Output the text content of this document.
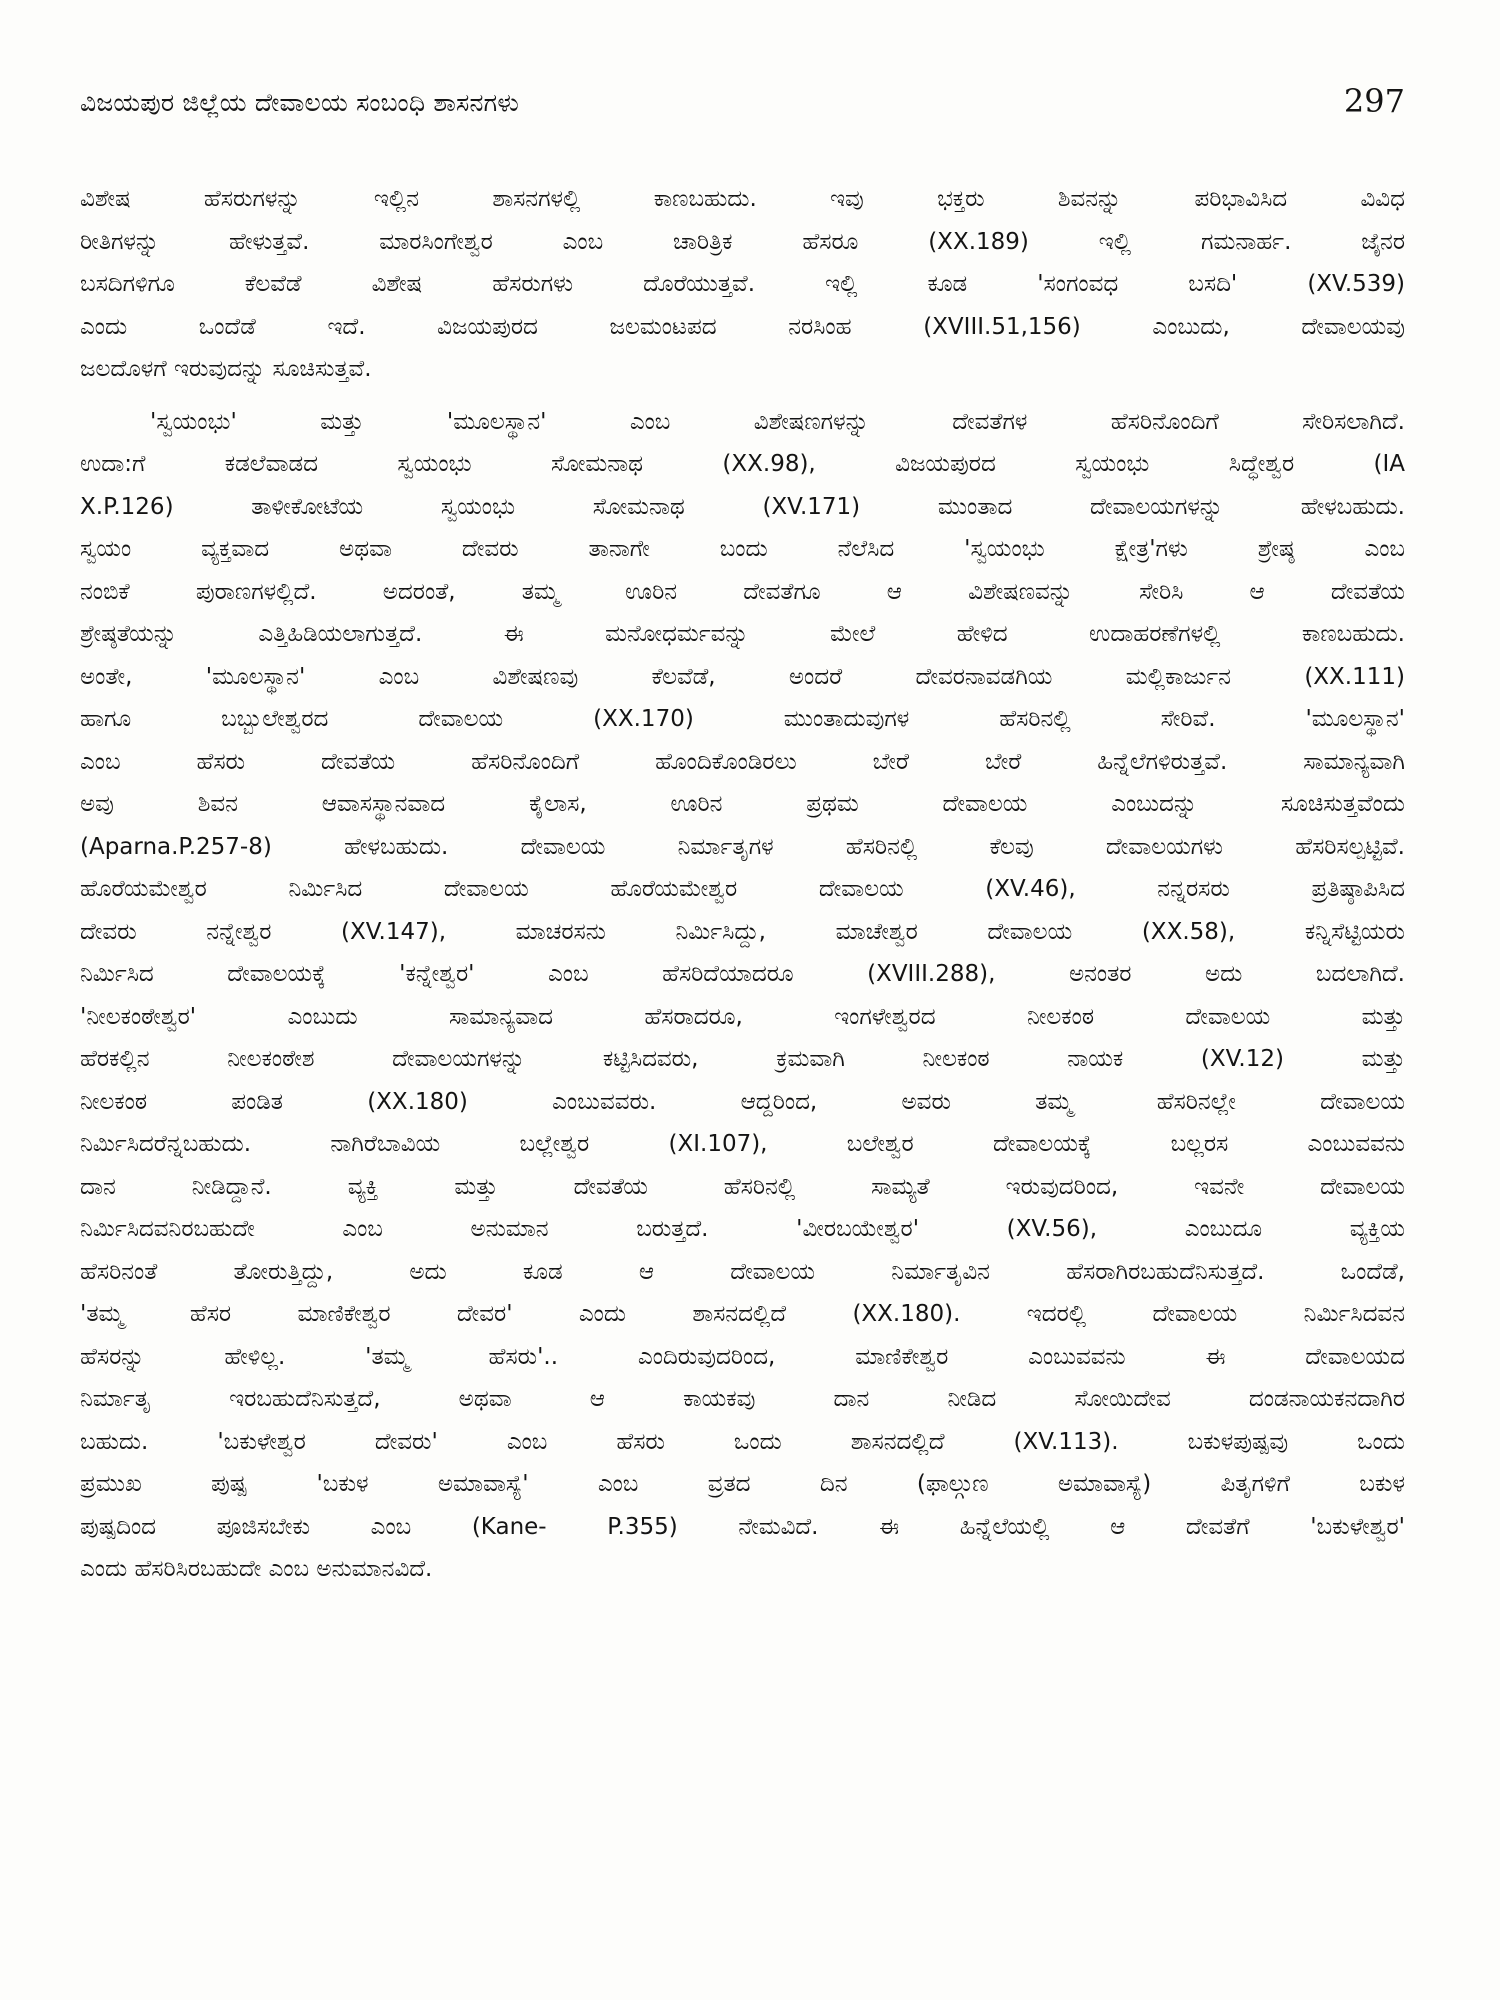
ವಿಜಯಪುರ ಜಿಲ್ಲೆಯ ದೇವಾಲಯ ಸಂಬಂಧಿ ಶಾಸನಗಳು	297
ವಿಶೇಷ ಹೆಸರುಗಳನ್ನು ಇಲ್ಲಿನ ಶಾಸನಗಳಲ್ಲಿ ಕಾಣಬಹುದು. ಇವು ಭಕ್ತರು ಶಿವನನ್ನು ಪರಿಭಾವಿಸಿದ ವಿವಿಧ
ರೀತಿಗಳನ್ನು ಹೇಳುತ್ತವೆ. ಮಾರಸಿಂಗೇಶ್ವರ ಎಂಬ ಚಾರಿತ್ರಿಕ ಹೆಸರೂ (XX.189) ಇಲ್ಲಿ ಗಮನಾರ್ಹ. ಜೈನರ
ಬಸದಿಗಳಿಗೂ ಕೆಲವೆಡೆ ವಿಶೇಷ ಹೆಸರುಗಳು ದೊರೆಯುತ್ತವೆ. ಇಲ್ಲಿ ಕೂಡ 'ಸಂಗಂವಧ ಬಸದಿ' (XV.539)
ಎಂದು ಒಂದೆಡೆ ಇದೆ. ವಿಜಯಪುರದ ಜಲಮಂಟಪದ ನರಸಿಂಹ (XVIII.51,156) ಎಂಬುದು, ದೇವಾಲಯವು
ಜಲದೊಳಗೆ ಇರುವುದನ್ನು ಸೂಚಿಸುತ್ತವೆ.
'ಸ್ವಯಂಭು' ಮತ್ತು 'ಮೂಲಸ್ಥಾನ' ಎಂಬ ವಿಶೇಷಣಗಳನ್ನು ದೇವತೆಗಳ ಹೆಸರಿನೊಂದಿಗೆ ಸೇರಿಸಲಾಗಿದೆ.
ಉದಾ:ಗೆ ಕಡಲೆವಾಡದ ಸ್ವಯಂಭು ಸೋಮನಾಥ (XX.98), ವಿಜಯಪುರದ ಸ್ವಯಂಭು ಸಿದ್ಧೇಶ್ವರ (IA
X.P.126) ತಾಳೀಕೋಟೆಯ ಸ್ವಯಂಭು ಸೋಮನಾಥ (XV.171) ಮುಂತಾದ ದೇವಾಲಯಗಳನ್ನು ಹೇಳಬಹುದು.
ಸ್ವಯಂ ವ್ಯಕ್ತವಾದ ಅಥವಾ ದೇವರು ತಾನಾಗೇ ಬಂದು ನೆಲೆಸಿದ 'ಸ್ವಯಂಭು ಕ್ಷೇತ್ರ'ಗಳು ಶ್ರೇಷ್ಠ ಎಂಬ
ನಂಬಿಕೆ ಪುರಾಣಗಳಲ್ಲಿದೆ. ಅದರಂತೆ, ತಮ್ಮ ಊರಿನ ದೇವತೆಗೂ ಆ ವಿಶೇಷಣವನ್ನು ಸೇರಿಸಿ ಆ ದೇವತೆಯ
ಶ್ರೇಷ್ಠತೆಯನ್ನು ಎತ್ತಿಹಿಡಿಯಲಾಗುತ್ತದೆ. ಈ ಮನೋಧರ್ಮವನ್ನು ಮೇಲೆ ಹೇಳಿದ ಉದಾಹರಣೆಗಳಲ್ಲಿ ಕಾಣಬಹುದು.
ಅಂತೇ, 'ಮೂಲಸ್ಥಾನ' ಎಂಬ ವಿಶೇಷಣವು ಕೆಲವೆಡೆ, ಅಂದರೆ ದೇವರನಾವಡಗಿಯ ಮಲ್ಲಿಕಾರ್ಜುನ (XX.111)
ಹಾಗೂ ಬಬ್ಬುಲೇಶ್ವರದ ದೇವಾಲಯ (XX.170) ಮುಂತಾದುವುಗಳ ಹೆಸರಿನಲ್ಲಿ ಸೇರಿವೆ. 'ಮೂಲಸ್ಥಾನ'
ಎಂಬ ಹೆಸರು ದೇವತೆಯ ಹೆಸರಿನೊಂದಿಗೆ ಹೊಂದಿಕೊಂಡಿರಲು ಬೇರೆ ಬೇರೆ ಹಿನ್ನೆಲೆಗಳಿರುತ್ತವೆ. ಸಾಮಾನ್ಯವಾಗಿ
ಅವು ಶಿವನ ಆವಾಸಸ್ಥಾನವಾದ ಕೈಲಾಸ, ಊರಿನ ಪ್ರಥಮ ದೇವಾಲಯ ಎಂಬುದನ್ನು ಸೂಚಿಸುತ್ತವೆಂದು
(Aparna.P.257-8) ಹೇಳಬಹುದು. ದೇವಾಲಯ ನಿರ್ಮಾತೃಗಳ ಹೆಸರಿನಲ್ಲಿ ಕೆಲವು ದೇವಾಲಯಗಳು ಹೆಸರಿಸಲ್ಪಟ್ಟಿವೆ.
ಹೊರೆಯಮೇಶ್ವರ ನಿರ್ಮಿಸಿದ ದೇವಾಲಯ ಹೊರೆಯಮೇಶ್ವರ ದೇವಾಲಯ (XV.46), ನನ್ನರಸರು ಪ್ರತಿಷ್ಠಾಪಿಸಿದ
ದೇವರು ನನ್ನೇಶ್ವರ (XV.147), ಮಾಚರಸನು ನಿರ್ಮಿಸಿದ್ದು, ಮಾಚೇಶ್ವರ ದೇವಾಲಯ (XX.58), ಕನ್ನಿಸೆಟ್ಟಿಯರು
ನಿರ್ಮಿಸಿದ ದೇವಾಲಯಕ್ಕೆ 'ಕನ್ನೇಶ್ವರ' ಎಂಬ ಹೆಸರಿದೆಯಾದರೂ (XVIII.288), ಅನಂತರ ಅದು ಬದಲಾಗಿದೆ.
'ನೀಲಕಂಠೇಶ್ವರ' ಎಂಬುದು ಸಾಮಾನ್ಯವಾದ ಹೆಸರಾದರೂ, ಇಂಗಳೇಶ್ವರದ ನೀಲಕಂಠ ದೇವಾಲಯ ಮತ್ತು
ಹೆರಕಲ್ಲಿನ ನೀಲಕಂಠೇಶ ದೇವಾಲಯಗಳನ್ನು ಕಟ್ಟಿಸಿದವರು, ಕ್ರಮವಾಗಿ ನೀಲಕಂಠ ನಾಯಕ (XV.12) ಮತ್ತು
ನೀಲಕಂಠ ಪಂಡಿತ (XX.180) ಎಂಬುವವರು. ಆದ್ದರಿಂದ, ಅವರು ತಮ್ಮ ಹೆಸರಿನಲ್ಲೇ ದೇವಾಲಯ
ನಿರ್ಮಿಸಿದರೆನ್ನಬಹುದು. ನಾಗಿರೆಬಾವಿಯ ಬಲ್ಲೇಶ್ವರ (XI.107), ಬಲೇಶ್ವರ ದೇವಾಲಯಕ್ಕೆ ಬಲ್ಲರಸ ಎಂಬುವವನು
ದಾನ ನೀಡಿದ್ದಾನೆ. ವ್ಯಕ್ತಿ ಮತ್ತು ದೇವತೆಯ ಹೆಸರಿನಲ್ಲಿ ಸಾಮ್ಯತೆ ಇರುವುದರಿಂದ, ಇವನೇ ದೇವಾಲಯ
ನಿರ್ಮಿಸಿದವನಿರಬಹುದೇ ಎಂಬ ಅನುಮಾನ ಬರುತ್ತದೆ. 'ವೀರಬಯೇಶ್ವರ' (XV.56), ಎಂಬುದೂ ವ್ಯಕ್ತಿಯ
ಹೆಸರಿನಂತೆ ತೋರುತ್ತಿದ್ದು, ಅದು ಕೂಡ ಆ ದೇವಾಲಯ ನಿರ್ಮಾತೃವಿನ ಹೆಸರಾಗಿರಬಹುದೆನಿಸುತ್ತದೆ. ಒಂದೆಡೆ,
'ತಮ್ಮ ಹೆಸರ ಮಾಣಿಕೇಶ್ವರ ದೇವರ' ಎಂದು ಶಾಸನದಲ್ಲಿದೆ (XX.180). ಇದರಲ್ಲಿ ದೇವಾಲಯ ನಿರ್ಮಿಸಿದವನ
ಹೆಸರನ್ನು ಹೇಳಿಲ್ಲ. 'ತಮ್ಮ ಹೆಸರು'.. ಎಂದಿರುವುದರಿಂದ, ಮಾಣಿಕೇಶ್ವರ ಎಂಬುವವನು ಈ ದೇವಾಲಯದ
ನಿರ್ಮಾತೃ ಇರಬಹುದೆನಿಸುತ್ತದೆ, ಅಥವಾ ಆ ಕಾಯಕವು ದಾನ ನೀಡಿದ ಸೋಯಿದೇವ ದಂಡನಾಯಕನದಾಗಿರ
ಬಹುದು. 'ಬಕುಳೇಶ್ವರ ದೇವರು' ಎಂಬ ಹೆಸರು ಒಂದು ಶಾಸನದಲ್ಲಿದೆ (XV.113). ಬಕುಳಪುಷ್ಪವು ಒಂದು
ಪ್ರಮುಖ ಪುಷ್ಪ 'ಬಕುಳ ಅಮಾವಾಸ್ಯೆ' ಎಂಬ ವ್ರತದ ದಿನ (ಫಾಲ್ಗುಣ ಅಮಾವಾಸ್ಯೆ) ಪಿತೃಗಳಿಗೆ ಬಕುಳ
ಪುಷ್ಪದಿಂದ ಪೂಜಿಸಬೇಕು ಎಂಬ (Kane- P.355) ನೇಮವಿದೆ. ಈ ಹಿನ್ನೆಲೆಯಲ್ಲಿ ಆ ದೇವತೆಗೆ 'ಬಕುಳೇಶ್ವರ'
ಎಂದು ಹೆಸರಿಸಿರಬಹುದೇ ಎಂಬ ಅನುಮಾನವಿದೆ.
